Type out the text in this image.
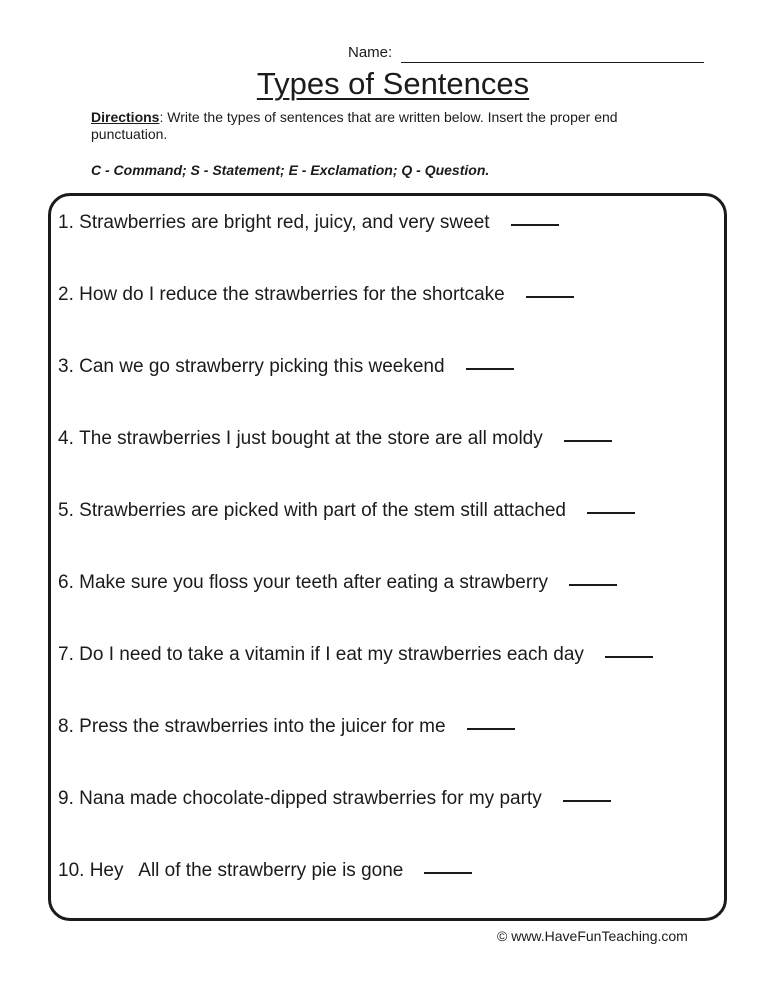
Name:
Types of Sentences
Directions: Write the types of sentences that are written below. Insert the proper end punctuation.
C - Command; S - Statement; E - Exclamation; Q - Question.
1.
Strawberries are bright red, juicy, and very sweet
2.
How do I reduce the strawberries for the shortcake
3.
Can we go strawberry picking this weekend
4.
The strawberries I just bought at the store are all moldy
5.
Strawberries are picked with part of the stem still attached
6.
Make sure you floss your teeth after eating a strawberry
7.
Do I need to take a vitamin if I eat my strawberries each day
8.
Press the strawberries into the juicer for me
9.
Nana made chocolate-dipped strawberries for my party
10.
Hey   All of the strawberry pie is gone
© www.HaveFunTeaching.com
